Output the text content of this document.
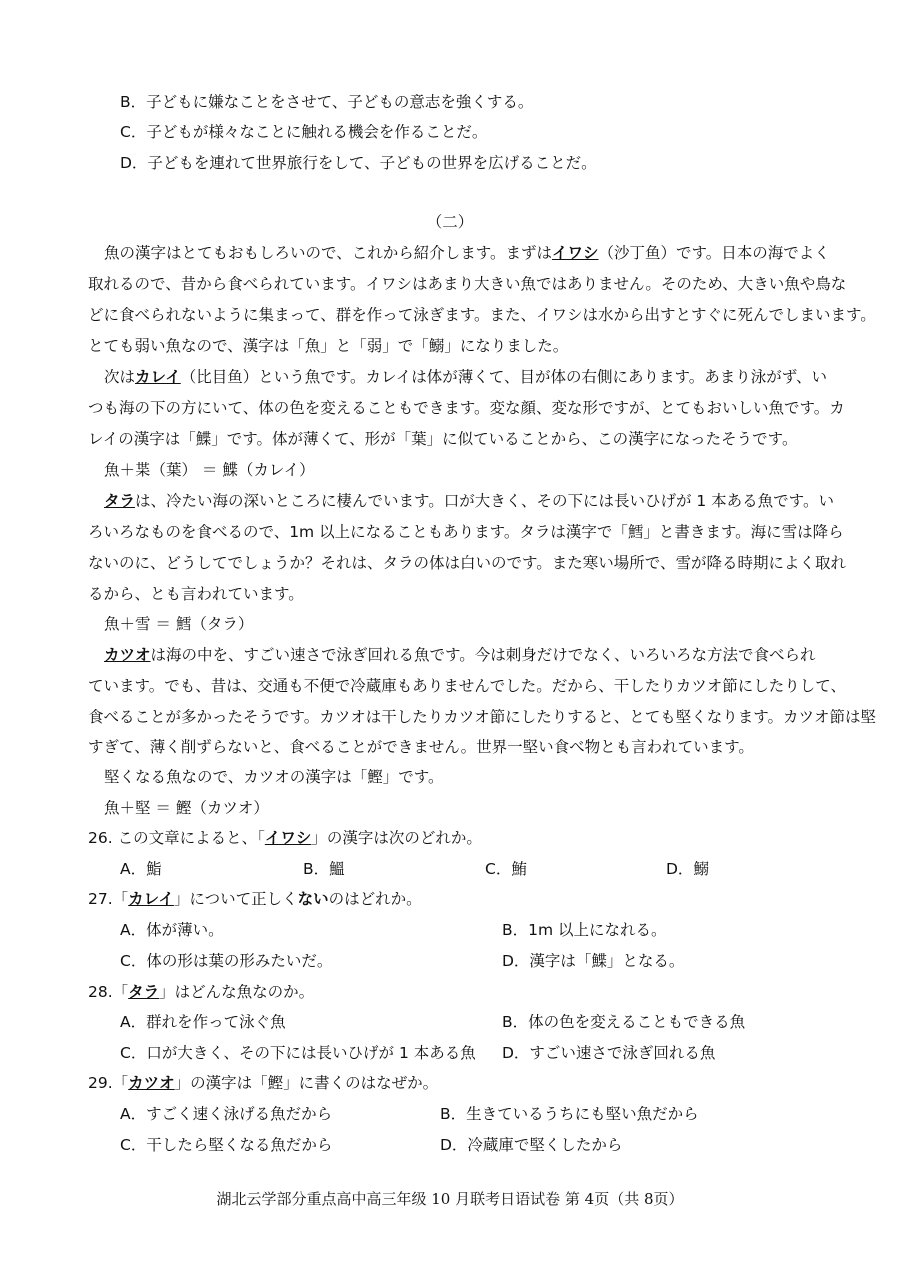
B．子どもに嫌なことをさせて、子どもの意志を強くする。
C．子どもが様々なことに触れる機会を作ることだ。
D．子どもを連れて世界旅行をして、子どもの世界を広げることだ。
（二）
魚の漢字はとてもおもしろいので、これから紹介します。まずはイワシ（沙丁鱼）です。日本の海でよく
取れるので、昔から食べられています。イワシはあまり大きい魚ではありません。そのため、大きい魚や鳥な
どに食べられないように集まって、群を作って泳ぎます。また、イワシは水から出すとすぐに死んでしまいます。
とても弱い魚なので、漢字は「魚」と「弱」で「鰯」になりました。
次はカレイ（比目鱼）という魚です。カレイは体が薄くて、目が体の右側にあります。あまり泳がず、い
つも海の下の方にいて、体の色を変えることもできます。変な顔、変な形ですが、とてもおいしい魚です。カ
レイの漢字は「鰈」です。体が薄くて、形が「葉」に似ていることから、この漢字になったそうです。
魚＋枼（葉） ＝ 鰈（カレイ）
タラは、冷たい海の深いところに棲んでいます。口が大きく、その下には長いひげが 1 本ある魚です。い
ろいろなものを食べるので、1m 以上になることもあります。タラは漢字で「鱈」と書きます。海に雪は降ら
ないのに、どうしてでしょうか？それは、タラの体は白いのです。また寒い場所で、雪が降る時期によく取れ
るから、とも言われています。
魚＋雪 ＝ 鱈（タラ）
カツオは海の中を、すごい速さで泳ぎ回れる魚です。今は刺身だけでなく、いろいろな方法で食べられ
ています。でも、昔は、交通も不便で冷蔵庫もありませんでした。だから、干したりカツオ節にしたりして、
食べることが多かったそうです。カツオは干したりカツオ節にしたりすると、とても堅くなります。カツオ節は堅
すぎて、薄く削ずらないと、食べることができません。世界一堅い食べ物とも言われています。
堅くなる魚なので、カツオの漢字は「鰹」です。
魚＋堅 ＝ 鰹（カツオ）
26. この文章によると、「イワシ」の漢字は次のどれか。
A．鮨	B．鰮	C．鮪	D．鰯
27.「カレイ」について正しくないのはどれか。
A．体が薄い。	B．1m 以上になれる。
C．体の形は葉の形みたいだ。	D．漢字は「鰈」となる。
28.「タラ」はどんな魚なのか。
A．群れを作って泳ぐ魚	B．体の色を変えることもできる魚
C．口が大きく、その下には長いひげが 1 本ある魚 D．すごい速さで泳ぎ回れる魚
29.「カツオ」の漢字は「鰹」に書くのはなぜか。
A．すごく速く泳げる魚だから	B．生きているうちにも堅い魚だから
C．干したら堅くなる魚だから	D．冷蔵庫で堅くしたから
湖北云学部分重点高中高三年级 10 月联考日语试卷 第 4页（共 8页）
